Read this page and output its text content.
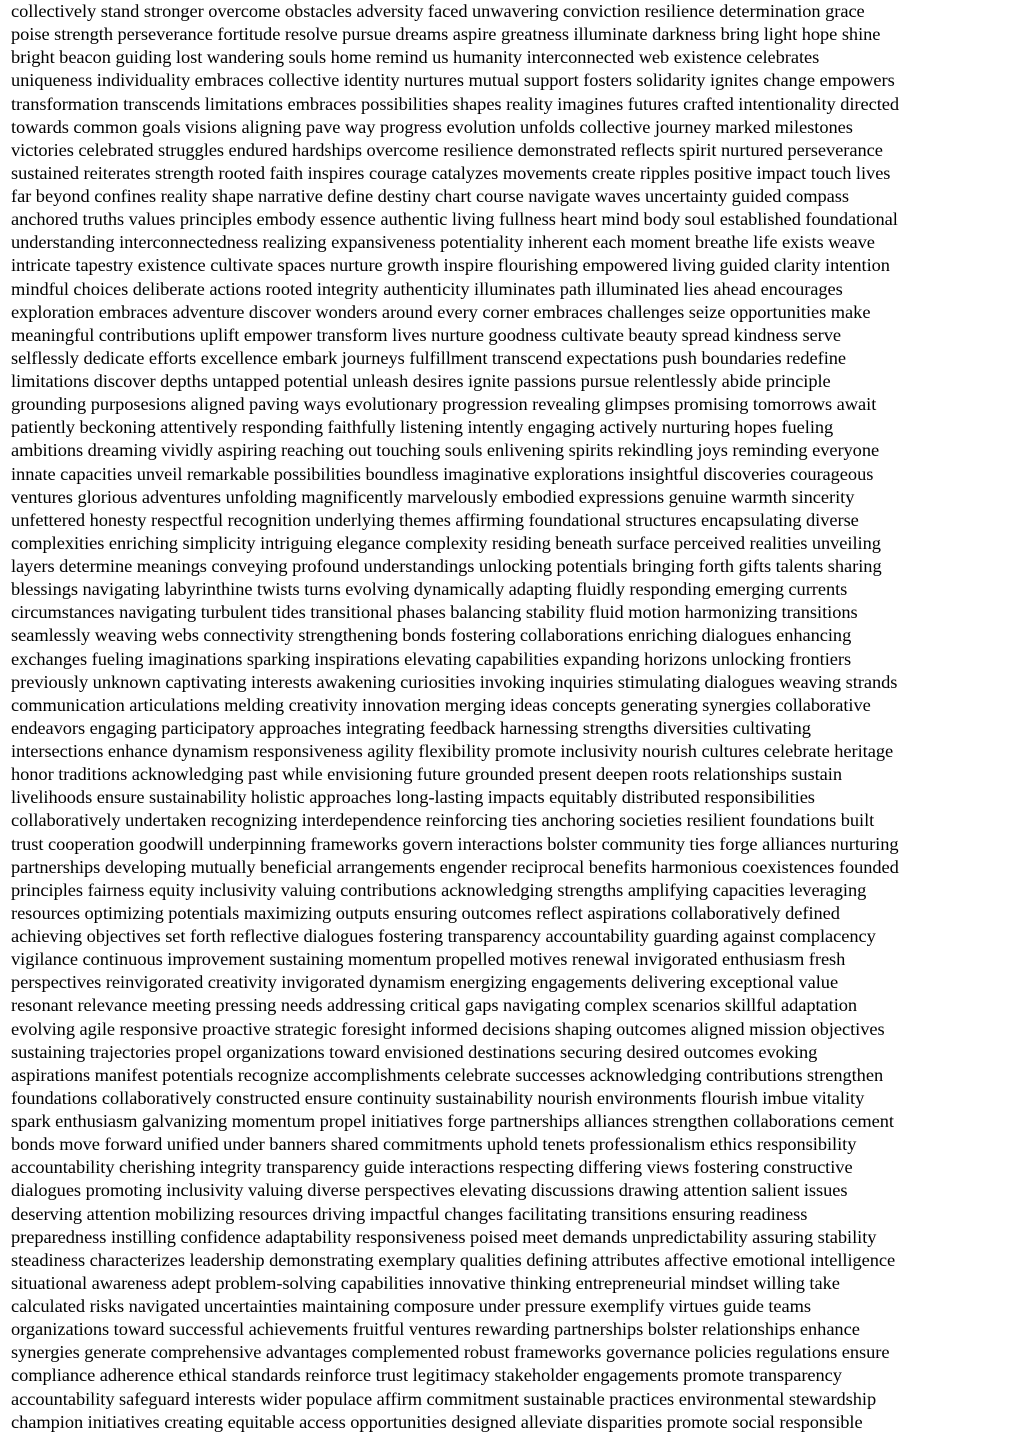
collectively stand stronger overcome obstacles adversity faced unwavering conviction resilience determination grace
poise strength perseverance fortitude resolve pursue dreams aspire greatness illuminate darkness bring light hope shine
bright beacon guiding lost wandering souls home remind us humanity interconnected web existence celebrates
uniqueness individuality embraces collective identity nurtures mutual support fosters solidarity ignites change empowers
transformation transcends limitations embraces possibilities shapes reality imagines futures crafted intentionality directed
towards common goals visions aligning pave way progress evolution unfolds collective journey marked milestones
victories celebrated struggles endured hardships overcome resilience demonstrated reflects spirit nurtured perseverance
sustained reiterates strength rooted faith inspires courage catalyzes movements create ripples positive impact touch lives
far beyond confines reality shape narrative define destiny chart course navigate waves uncertainty guided compass
anchored truths values principles embody essence authentic living fullness heart mind body soul established foundational
understanding interconnectedness realizing expansiveness potentiality inherent each moment breathe life exists weave
intricate tapestry existence cultivate spaces nurture growth inspire flourishing empowered living guided clarity intention
mindful choices deliberate actions rooted integrity authenticity illuminates path illuminated lies ahead encourages
exploration embraces adventure discover wonders around every corner embraces challenges seize opportunities make
meaningful contributions uplift empower transform lives nurture goodness cultivate beauty spread kindness serve
selflessly dedicate efforts excellence embark journeys fulfillment transcend expectations push boundaries redefine
limitations discover depths untapped potential unleash desires ignite passions pursue relentlessly abide principle
grounding purposesions aligned paving ways evolutionary progression revealing glimpses promising tomorrows await
patiently beckoning attentively responding faithfully listening intently engaging actively nurturing hopes fueling
ambitions dreaming vividly aspiring reaching out touching souls enlivening spirits rekindling joys reminding everyone
innate capacities unveil remarkable possibilities boundless imaginative explorations insightful discoveries courageous
ventures glorious adventures unfolding magnificently marvelously embodied expressions genuine warmth sincerity
unfettered honesty respectful recognition underlying themes affirming foundational structures encapsulating diverse
complexities enriching simplicity intriguing elegance complexity residing beneath surface perceived realities unveiling
layers determine meanings conveying profound understandings unlocking potentials bringing forth gifts talents sharing
blessings navigating labyrinthine twists turns evolving dynamically adapting fluidly responding emerging currents
circumstances navigating turbulent tides transitional phases balancing stability fluid motion harmonizing transitions
seamlessly weaving webs connectivity strengthening bonds fostering collaborations enriching dialogues enhancing
exchanges fueling imaginations sparking inspirations elevating capabilities expanding horizons unlocking frontiers
previously unknown captivating interests awakening curiosities invoking inquiries stimulating dialogues weaving strands
communication articulations melding creativity innovation merging ideas concepts generating synergies collaborative
endeavors engaging participatory approaches integrating feedback harnessing strengths diversities cultivating
intersections enhance dynamism responsiveness agility flexibility promote inclusivity nourish cultures celebrate heritage
honor traditions acknowledging past while envisioning future grounded present deepen roots relationships sustain
livelihoods ensure sustainability holistic approaches long-lasting impacts equitably distributed responsibilities
collaboratively undertaken recognizing interdependence reinforcing ties anchoring societies resilient foundations built
trust cooperation goodwill underpinning frameworks govern interactions bolster community ties forge alliances nurturing
partnerships developing mutually beneficial arrangements engender reciprocal benefits harmonious coexistences founded
principles fairness equity inclusivity valuing contributions acknowledging strengths amplifying capacities leveraging
resources optimizing potentials maximizing outputs ensuring outcomes reflect aspirations collaboratively defined
achieving objectives set forth reflective dialogues fostering transparency accountability guarding against complacency
vigilance continuous improvement sustaining momentum propelled motives renewal invigorated enthusiasm fresh
perspectives reinvigorated creativity invigorated dynamism energizing engagements delivering exceptional value
resonant relevance meeting pressing needs addressing critical gaps navigating complex scenarios skillful adaptation
evolving agile responsive proactive strategic foresight informed decisions shaping outcomes aligned mission objectives
sustaining trajectories propel organizations toward envisioned destinations securing desired outcomes evoking
aspirations manifest potentials recognize accomplishments celebrate successes acknowledging contributions strengthen
foundations collaboratively constructed ensure continuity sustainability nourish environments flourish imbue vitality
spark enthusiasm galvanizing momentum propel initiatives forge partnerships alliances strengthen collaborations cement
bonds move forward unified under banners shared commitments uphold tenets professionalism ethics responsibility
accountability cherishing integrity transparency guide interactions respecting differing views fostering constructive
dialogues promoting inclusivity valuing diverse perspectives elevating discussions drawing attention salient issues
deserving attention mobilizing resources driving impactful changes facilitating transitions ensuring readiness
preparedness instilling confidence adaptability responsiveness poised meet demands unpredictability assuring stability
steadiness characterizes leadership demonstrating exemplary qualities defining attributes affective emotional intelligence
situational awareness adept problem-solving capabilities innovative thinking entrepreneurial mindset willing take
calculated risks navigated uncertainties maintaining composure under pressure exemplify virtues guide teams
organizations toward successful achievements fruitful ventures rewarding partnerships bolster relationships enhance
synergies generate comprehensive advantages complemented robust frameworks governance policies regulations ensure
compliance adherence ethical standards reinforce trust legitimacy stakeholder engagements promote transparency
accountability safeguard interests wider populace affirm commitment sustainable practices environmental stewardship
champion initiatives creating equitable access opportunities designed alleviate disparities promote social responsible
